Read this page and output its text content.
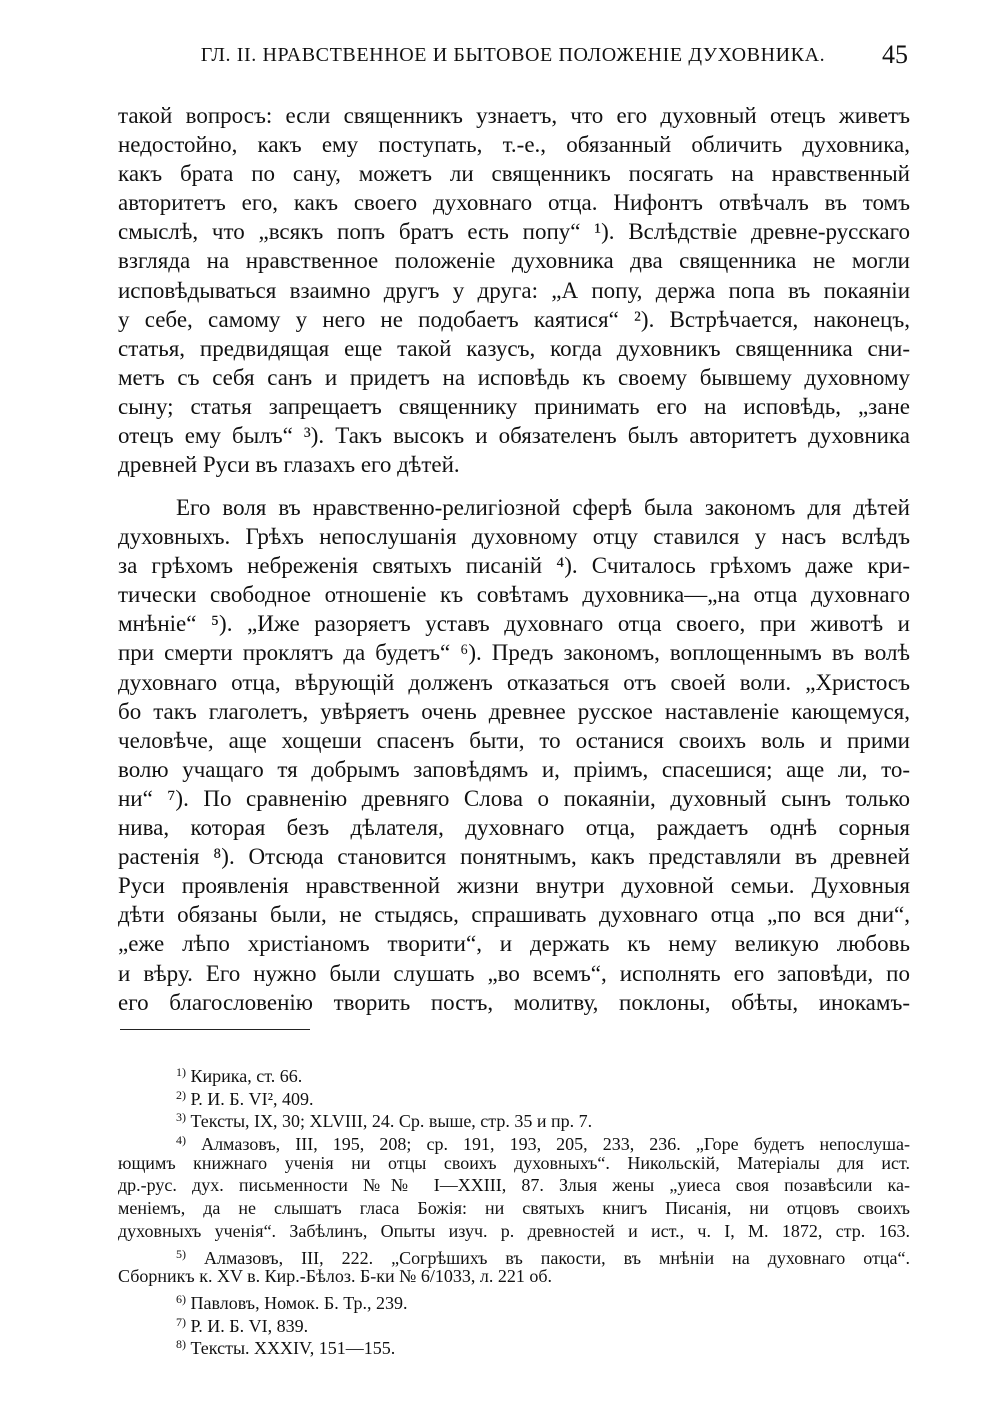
ГЛ. II. НРАВСТВЕННОЕ И БЫТОВОЕ ПОЛОЖЕНІЕ ДУХОВНИКА.	45

такой вопросъ: если священникъ узнаетъ, что его духовный отецъ живетъ
недостойно, какъ ему поступать, т.-е., обязанный обличить духовника,
какъ брата по сану, можетъ ли священникъ посягать на нравственный
авторитетъ его, какъ своего духовнаго отца. Нифонтъ отвѣчалъ въ томъ
смыслѣ, что „всякъ попъ братъ есть попу“ ¹). Вслѣдствіе древне-русскаго
взгляда на нравственное положеніе духовника два священника не могли
исповѣдываться взаимно другъ у друга: „А попу, держа попа въ покаяніи
у себе, самому у него не подобаетъ каятися“ ²). Встрѣчается, наконецъ,
статья, предвидящая еще такой казусъ, когда духовникъ священника сни-
метъ съ себя санъ и придетъ на исповѣдь къ своему бывшему духовному
сыну; статья запрещаетъ священнику принимать его на исповѣдь, „зане
отецъ ему былъ“ ³). Такъ высокъ и обязателенъ былъ авторитетъ духовника
древней Руси въ глазахъ его дѣтей.

Его воля въ нравственно-религіозной сферѣ была закономъ для дѣтей
духовныхъ. Грѣхъ непослушанія духовному отцу ставился у насъ вслѣдъ
за грѣхомъ небреженія святыхъ писаній ⁴). Считалось грѣхомъ даже кри-
тически свободное отношеніе къ совѣтамъ духовника—„на отца духовнаго
мнѣніе“ ⁵). „Иже разоряетъ уставъ духовнаго отца своего, при животѣ и
при смерти проклятъ да будетъ“ ⁶). Предъ закономъ, воплощеннымъ въ волѣ
духовнаго отца, вѣрующій долженъ отказаться отъ своей воли. „Христосъ
бо такъ глаголетъ, увѣряетъ очень древнее русское наставленіе кающемуся,
человѣче, аще хощеши спасенъ быти, то останися своихъ воль и прими
волю учащаго тя добрымъ заповѣдямъ и, пріимъ, спасешися; аще ли, то-
ни“ ⁷). По сравненію древняго Слова о покаяніи, духовный сынъ только
нива, которая безъ дѣлателя, духовнаго отца, раждаетъ однѣ сорныя
растенія ⁸). Отсюда становится понятнымъ, какъ представляли въ древней
Руси проявленія нравственной жизни внутри духовной семьи. Духовныя
дѣти обязаны были, не стыдясь, спрашивать духовнаго отца „по вся дни“,
„еже лѣпо христіаномъ творити“, и держать къ нему великую любовь
и вѣру. Его нужно были слушать „во всемъ“, исполнять его заповѣди, по
его благословенію творить постъ, молитву, поклоны, обѣты, инокамъ-

$^{1)}$ Кирика, ст. 66.
$^{2)}$ Р. И. Б. VI², 409.
$^{3)}$ Тексты, IX, 30; XLVIII, 24. Ср. выше, стр. 35 и пр. 7.
$^{4)}$ Алмазовъ, III, 195, 208; ср. 191, 193, 205, 233, 236. „Горе будетъ непослуша-
ющимъ книжнаго ученія ни отцы своихъ духовныхъ“. Никольскій, Матеріалы для ист.
др.-рус. дух. письменности №№ I—XXIII, 87. Злыя жены „уиеса своя позавѣсили ка-
меніемъ, да не слышатъ гласа Божія: ни святыхъ книгъ Писанія, ни отцовъ своихъ
духовныхъ ученія“. Забѣлинъ, Опыты изуч. р. древностей и ист., ч. I, М. 1872, стр. 163.
$^{5)}$ Алмазовъ, III, 222. „Согрѣшихъ въ пакости, въ мнѣніи на духовнаго отца“.
Сборникъ к. XV в. Кир.-Бѣлоз. Б-ки № 6/1033, л. 221 об.
$^{6)}$ Павловъ, Номок. Б. Тр., 239.
$^{7)}$ Р. И. Б. VI, 839.
$^{8)}$ Тексты. XXXIV, 151—155.
